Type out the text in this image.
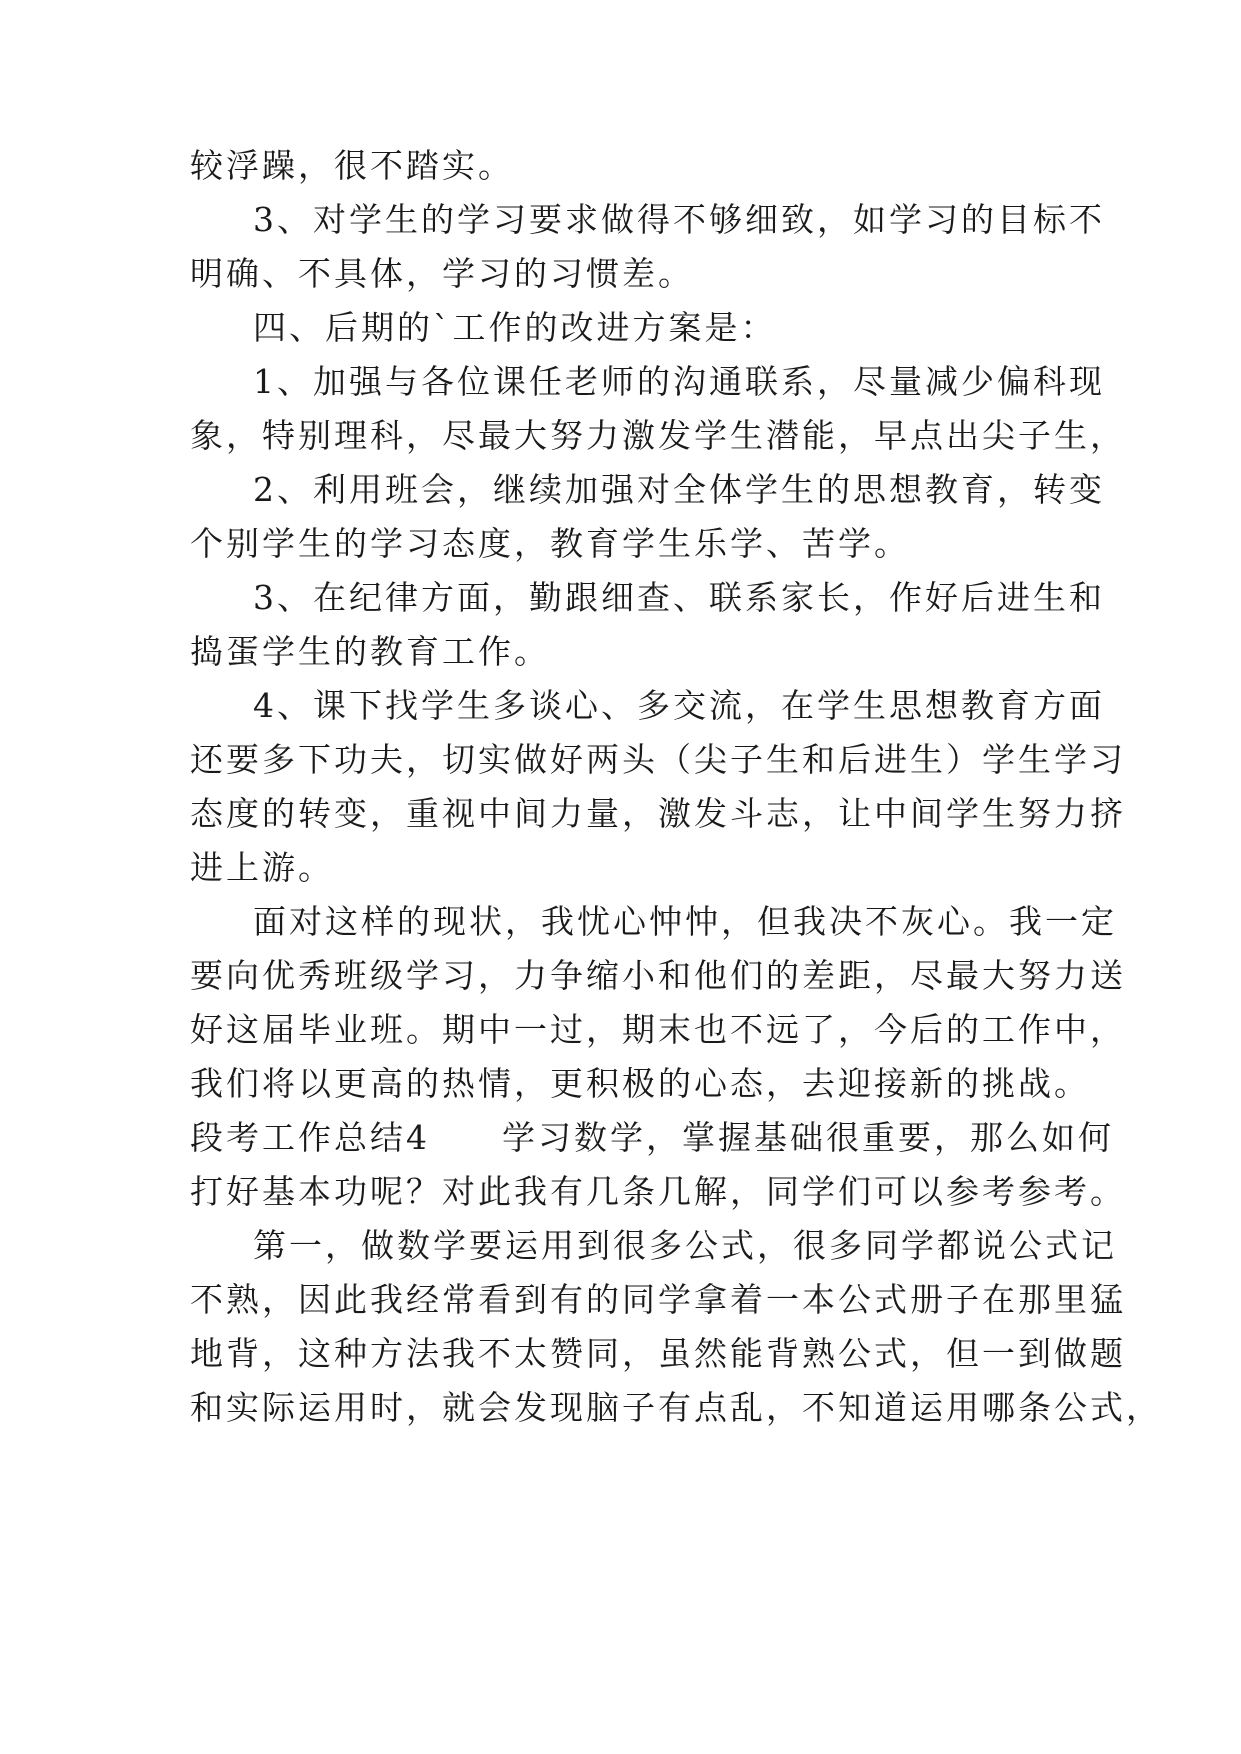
较浮躁，很不踏实。
3、对学生的学习要求做得不够细致，如学习的目标不
明确、不具体，学习的习惯差。
四、后期的`工作的改进方案是：
1、加强与各位课任老师的沟通联系，尽量减少偏科现
象，特别理科，尽最大努力激发学生潜能，早点出尖子生，
2、利用班会，继续加强对全体学生的思想教育，转变
个别学生的学习态度，教育学生乐学、苦学。
3、在纪律方面，勤跟细查、联系家长，作好后进生和
捣蛋学生的教育工作。
4、课下找学生多谈心、多交流，在学生思想教育方面
还要多下功夫，切实做好两头（尖子生和后进生）学生学习
态度的转变，重视中间力量，激发斗志，让中间学生努力挤
进上游。
面对这样的现状，我忧心忡忡，但我决不灰心。我一定
要向优秀班级学习，力争缩小和他们的差距，尽最大努力送
好这届毕业班。期中一过，期末也不远了，今后的工作中，
我们将以更高的热情，更积极的心态，去迎接新的挑战。
段考工作总结4　　学习数学，掌握基础很重要，那么如何
打好基本功呢？对此我有几条几解，同学们可以参考参考。
第一，做数学要运用到很多公式，很多同学都说公式记
不熟，因此我经常看到有的同学拿着一本公式册子在那里猛
地背，这种方法我不太赞同，虽然能背熟公式，但一到做题
和实际运用时，就会发现脑子有点乱，不知道运用哪条公式，
